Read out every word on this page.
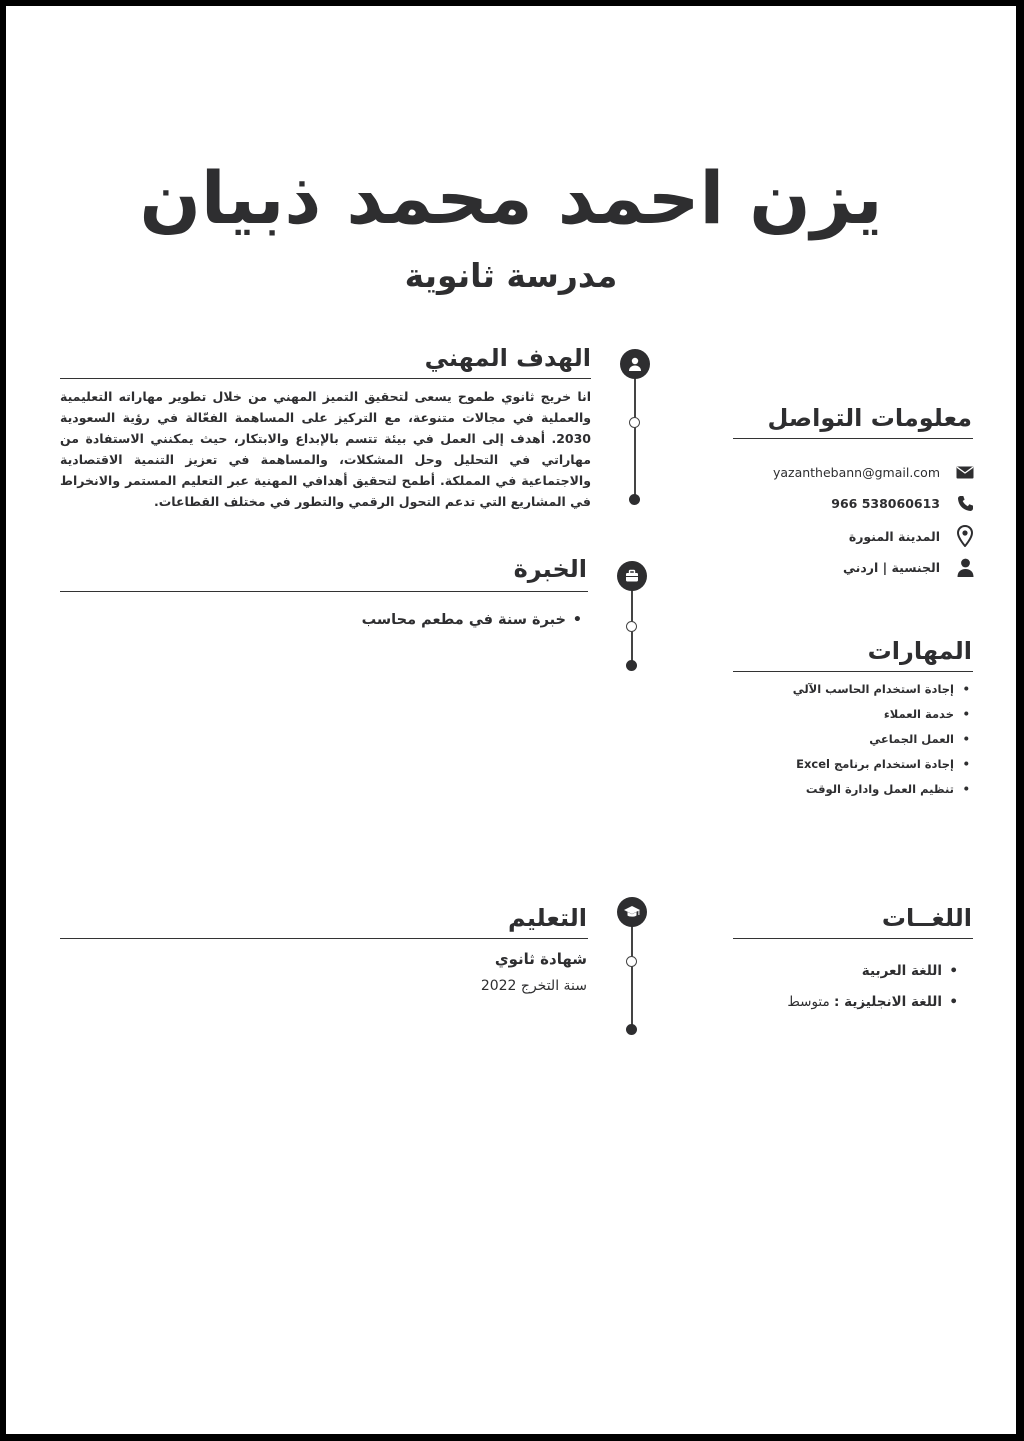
يزن احمد محمد ذبيان
مدرسة ثانوية
الهدف المهني
انا خريج ثانوي طموح يسعى لتحقيق التميز المهني من خلال تطوير مهاراته التعليمية والعملية في مجالات متنوعة، مع التركيز على المساهمة الفعّالة في رؤية السعودية 2030. أهدف إلى العمل في بيئة تتسم بالإبداع والابتكار، حيث يمكنني الاستفادة من مهاراتي في التحليل وحل المشكلات، والمساهمة في تعزيز التنمية الاقتصادية والاجتماعية في المملكة. أطمح لتحقيق أهدافي المهنية عبر التعليم المستمر والانخراط في المشاريع التي تدعم التحول الرقمي والتطور في مختلف القطاعات.
الخبرة
• خبرة سنة في مطعم محاسب
التعليم
شهادة ثانوي
سنة التخرج 2022
معلومات التواصل
yazanthebann@gmail.com
966 538060613
المدينة المنورة
الجنسية | اردني
المهارات
• إجادة استخدام الحاسب الآلي
• خدمة العملاء
• العمل الجماعي
• إجادة استخدام برنامج Excel
• تنظيم العمل وادارة الوقت
اللغــات
• اللغة العربية
• اللغة الانجليزية : متوسط
